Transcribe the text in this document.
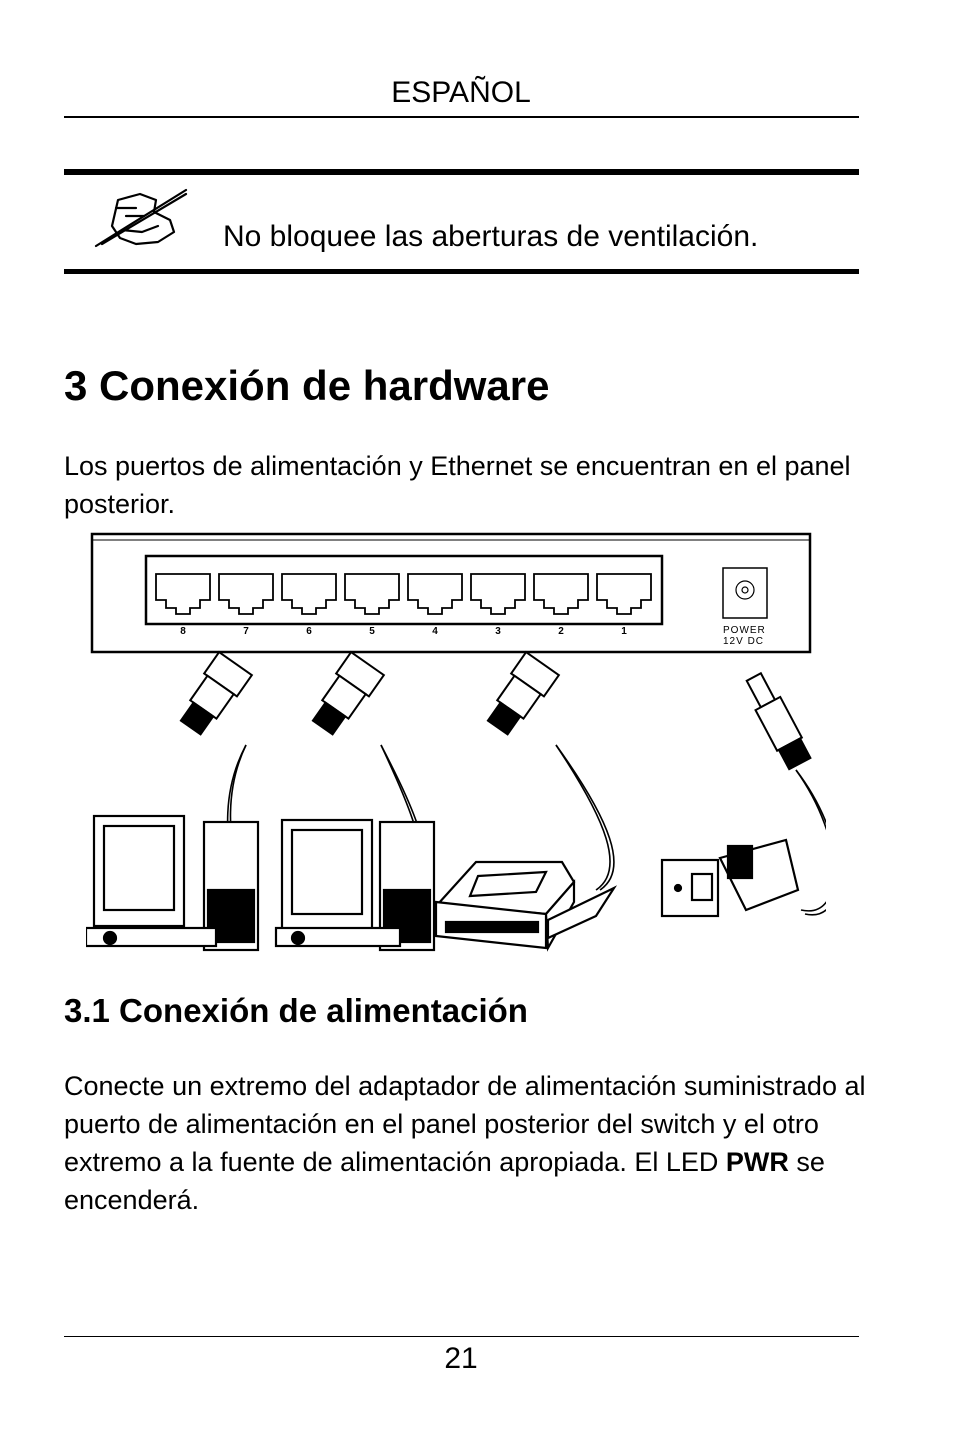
ESPAÑOL
No bloquee las aberturas de ventilación.
3 Conexión de hardware
Los puertos de alimentación y Ethernet se encuentran en el panel posterior.
8	7	6	5	4	3	2	1	POWER
12V DC
3.1 Conexión de alimentación
Conecte un extremo del adaptador de alimentación suministrado al puerto de alimentación en el panel posterior del switch y el otro extremo a la fuente de alimentación apropiada. El LED PWR se encenderá.
21
